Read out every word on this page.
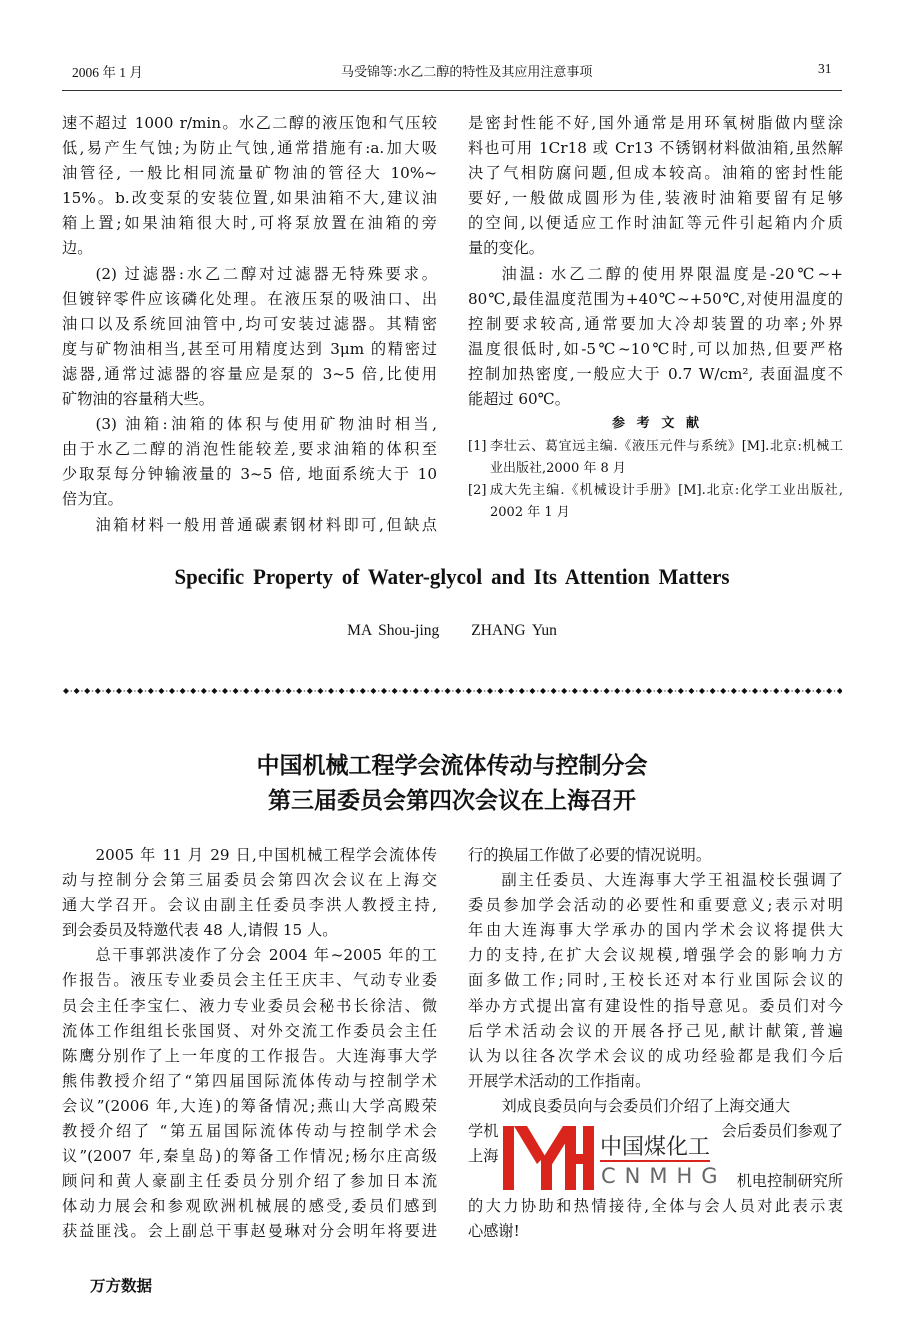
2006 年 1 月	马受锦等:水乙二醇的特性及其应用注意事项	31
速不超过 1000 r/min。水乙二醇的液压饱和气压较
低,易产生气蚀;为防止气蚀,通常措施有:a.加大吸
油管径, 一般比相同流量矿物油的管径大 10%~
15%。b.改变泵的安装位置,如果油箱不大,建议油
箱上置;如果油箱很大时,可将泵放置在油箱的旁
边。
(2) 过滤器:水乙二醇对过滤器无特殊要求。
但镀锌零件应该磷化处理。在液压泵的吸油口、出
油口以及系统回油管中,均可安装过滤器。其精密
度与矿物油相当,甚至可用精度达到 3μm 的精密过
滤器,通常过滤器的容量应是泵的 3~5 倍,比使用
矿物油的容量稍大些。
(3) 油箱:油箱的体积与使用矿物油时相当,
由于水乙二醇的消泡性能较差,要求油箱的体积至
少取泵每分钟输液量的 3~5 倍, 地面系统大于 10
倍为宜。
油箱材料一般用普通碳素钢材料即可,但缺点
是密封性能不好,国外通常是用环氧树脂做内壁涂
料也可用 1Cr18 或 Cr13 不锈钢材料做油箱,虽然解
决了气相防腐问题,但成本较高。油箱的密封性能
要好,一般做成圆形为佳,装液时油箱要留有足够
的空间,以便适应工作时油缸等元件引起箱内介质
量的变化。
油温: 水乙二醇的使用界限温度是-20℃~+
80℃,最佳温度范围为+40℃~+50℃,对使用温度的
控制要求较高,通常要加大冷却装置的功率;外界
温度很低时,如-5℃~10℃时,可以加热,但要严格
控制加热密度,一般应大于 0.7 W/cm², 表面温度不
能超过 60℃。
参考文献
[1] 李壮云、葛宜远主编.《液压元件与系统》[M].北京:机械工
业出版社,2000 年 8 月
[2] 成大先主编.《机械设计手册》[M].北京:化学工业出版社,
2002 年 1 月
Specific Property of Water-glycol and Its Attention Matters
MA Shou-jing ZHANG Yun
中国机械工程学会流体传动与控制分会
第三届委员会第四次会议在上海召开
2005 年 11 月 29 日,中国机械工程学会流体传
动与控制分会第三届委员会第四次会议在上海交
通大学召开。会议由副主任委员李洪人教授主持,
到会委员及特邀代表 48 人,请假 15 人。
总干事郭洪凌作了分会 2004 年~2005 年的工
作报告。液压专业委员会主任王庆丰、气动专业委
员会主任李宝仁、液力专业委员会秘书长徐洁、微
流体工作组组长张国贤、对外交流工作委员会主任
陈鹰分别作了上一年度的工作报告。大连海事大学
熊伟教授介绍了“第四届国际流体传动与控制学术
会议”(2006 年,大连)的筹备情况;燕山大学高殿荣
教授介绍了 “第五届国际流体传动与控制学术会
议”(2007 年,秦皇岛)的筹备工作情况;杨尔庄高级
顾问和黄人豪副主任委员分别介绍了参加日本流
体动力展会和参观欧洲机械展的感受,委员们感到
获益匪浅。会上副总干事赵曼琳对分会明年将要进
行的换届工作做了必要的情况说明。
副主任委员、大连海事大学王祖温校长强调了
委员参加学会活动的必要性和重要意义;表示对明
年由大连海事大学承办的国内学术会议将提供大
力的支持,在扩大会议规模,增强学会的影响力方
面多做工作;同时,王校长还对本行业国际会议的
举办方式提出富有建设性的指导意见。委员们对今
后学术活动会议的开展各抒己见,献计献策,普遍
认为以往各次学术会议的成功经验都是我们今后
开展学术活动的工作指南。
刘成良委员向与会委员们介绍了上海交通大
学机	会后委员们参观了
上海
机电控制研究所
的大力协助和热情接待,全体与会人员对此表示衷
心感谢!
中国煤化工
CNMHG
万方数据
